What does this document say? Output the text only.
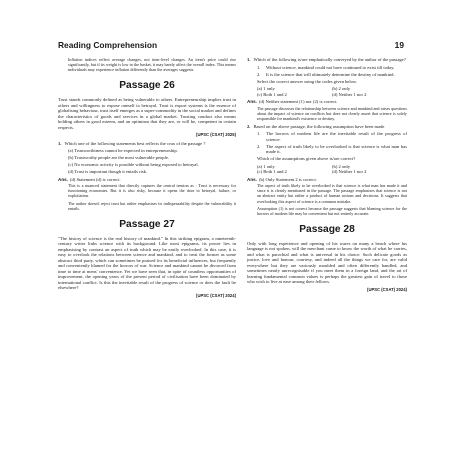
Reading Comprehension	19

Inflation indices reflect average changes, not item-level changes. An item's price could rise significantly, but if its weight is low in the basket, it may barely affect the overall index. This means individuals may experience inflation differently than the averages suggests.

Passage 26

Trust stands commonly defined as being vulnerable to others. Entrepreneurship implies trust in others and willingness to expose oneself to betrayal. Trust is export systems is the essence of globalising behaviour, trust itself emerges as a super-commodity in the social market and defines the characteristics of goods and services in a global market. Trusting conduct also means holding others in good esteem, and an optimism that they are, or will be, competent in certain respects.

(UPSC (CSAT) 2025)
1. Which one of the following statements best reflects the crux of the passage ?

(a) Trustworthiness cannot be expected in entrepreneurship.

(b) Trustworthy people are the most vulnerable people.

(c) No economic activity is possible without being exposed to betrayal.

(d) Trust is important though it entails risk.

Ans. (d) Statement (d) is correct.

This is a nuanced statement that directly captures the central tension as : Trust is necessary for functioning economies. But it is also risky, because it opens the door to betrayal, failure, or exploitation.

The author doesn't reject trust but rather emphasises its indispensability despite the vulnerability it entails.

Passage 27

"The history of science is the real history of mankind." In this striking epigram, a nineteenth-century writer links science with its background. Like most epigrams, its power lies in emphasising by contrast an aspect of truth which may be easily overlooked. In this case, it is easy to overlook the relations between science and mankind, and to treat the former as some abstract third party, which can sometimes be praised for its beneficial influences, but frequently and conveniently blamed for the horrors of war. Science and mankind cannot be divorced from time to time at mens' convenience. Yet we have seen that, in spite of countless opportunities of improvement, the opening years of the present period of civilisation have been dominated by international conflict. Is this the inevitable result of the progress of science or does the fault lie elsewhere?

(UPSC (CSAT) 2024)
1. Which of the following is/are emphatically conveyed by the author of the passage?
1.	Without science, mankind could not have continued to exist till today.
2.	It is the science that will ultimately determine the destiny of mankind.

Select the correct answer using the codes given below.

(a) 1 only	(b) 2 only
(c) Both 1 and 2	(d) Neither 1 nor 2
Ans. (d) Neither statement (1) nor (2) is correct.

The passage discusses the relationship between science and mankind and raises questions about the impact of science on conflicts but does not clearly assert that science is solely responsible for mankind's existence or destiny.

2. Based on the above passage, the following assumption have been made
1.	The horrors of modern life are the inevitable result of the progress of science.
2.	The aspect of truth likely to be overlooked is that science is what man has made it.

Which of the assumptions given above is/are correct?

(a) 1 only	(b) 2 only
(c) Both 1 and 2	(d) Neither 1 nor 2
Ans. (b) Only Statement 2 is correct.

The aspect of truth likely to be overlooked is that science is what man has made it and since it is clearly mentioned in the passage. The passage emphasises that science is not an abstract entity but rather a product of human actions and decisions. It suggests that overlooking this aspect of science is a common mistake.

Assumption (1) is not correct because the passage suggests that blaming science for the horrors of modern life may be convenient but not entirely accurate.

Passage 28

Only with long experience and opening of his wares on many a beach where his language is not spoken, will the merchant come to know the worth of what he carries, and what is parochial and what is universal in his choice. Such delicate goods as justice, love and honour, courtesy, and indeed all the things we care for, are valid everywhere but they are variously moulded and often differently handled, and sometimes nearly unrecognisable if you meet them in a foreign land, and the art of learning fundamental common values is perhaps the greatest gain of travel to those who wish to live at ease among their fellows.

(UPSC (CSAT) 2024)
